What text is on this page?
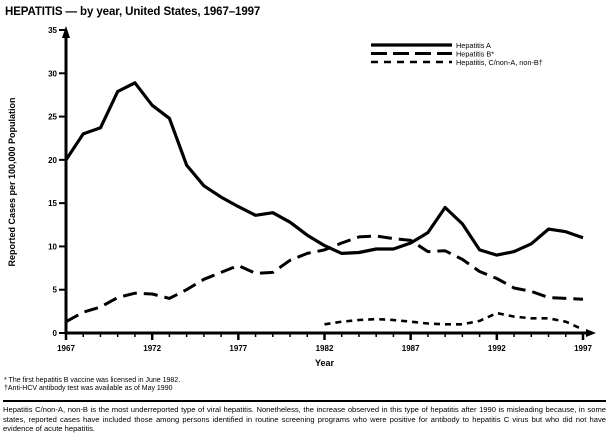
HEPATITIS — by year, United States, 1967–1997
0
5
10
15
20
25
30
35
1967	1972	1977	1982	1987	1992	1997
Year
Reported Cases per 100,000 Population
Hepatitis A
Hepatitis B*
Hepatitis, C/non-A, non-B†
* The first hepatitis B vaccine was licensed in June 1982.
†Anti-HCV antibody test was available as of May 1990
Hepatitis C/non-A, non-B is the most underreported type of viral hepatitis. Nonetheless, the increase observed in this type of hepatitis after 1990 is misleading because, in some states, reported cases have included those among persons identified in routine screening programs who were positive for antibody to hepatitis C virus but who did not have evidence of acute hepatitis.
